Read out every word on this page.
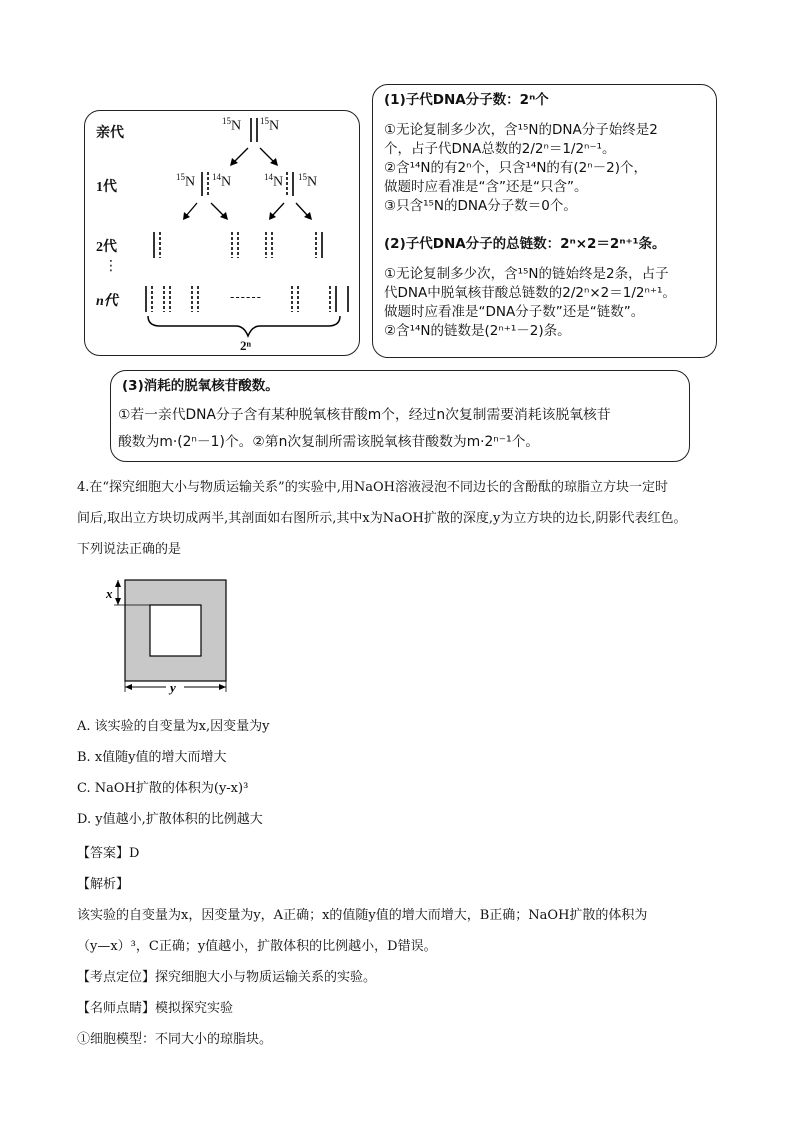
亲代
1代
2代
⋮
n代
$^{15}$N $^{15}$N
$^{15}$N $^{14}$N	$^{14}$N $^{15}$N
------
2ⁿ
(1)子代DNA分子数：2ⁿ个
①无论复制多少次，含¹⁵N的DNA分子始终是2
个，占子代DNA总数的2/2ⁿ＝1/2ⁿ⁻¹。
②含¹⁴N的有2ⁿ个，只含¹⁴N的有(2ⁿ－2)个，
做题时应看准是“含”还是“只含”。
③只含¹⁵N的DNA分子数＝0个。
(2)子代DNA分子的总链数：2ⁿ×2＝2ⁿ⁺¹条。
①无论复制多少次，含¹⁵N的链始终是2条，占子
代DNA中脱氧核苷酸总链数的2/2ⁿ×2＝1/2ⁿ⁺¹。
做题时应看准是“DNA分子数”还是“链数”。
②含¹⁴N的链数是(2ⁿ⁺¹－2)条。
(3)消耗的脱氧核苷酸数。
①若一亲代DNA分子含有某种脱氧核苷酸m个，经过n次复制需要消耗该脱氧核苷
酸数为m·(2ⁿ－1)个。②第n次复制所需该脱氧核苷酸数为m·2ⁿ⁻¹个。
4.在“探究细胞大小与物质运输关系”的实验中,用NaOH溶液浸泡不同边长的含酚酞的琼脂立方块一定时
间后,取出立方块切成两半,其剖面如右图所示,其中x为NaOH扩散的深度,y为立方块的边长,阴影代表红色。
下列说法正确的是
x
y
A. 该实验的自变量为x,因变量为y
B. x值随y值的增大而增大
C. NaOH扩散的体积为(y-x)³
D. y值越小,扩散体积的比例越大
【答案】D
【解析】
该实验的自变量为x，因变量为y，A正确；x的值随y值的增大而增大，B正确；NaOH扩散的体积为
（y—x）³，C正确；y值越小，扩散体积的比例越小，D错误。
【考点定位】探究细胞大小与物质运输关系的实验。
【名师点睛】模拟探究实验
①细胞模型：不同大小的琼脂块。
